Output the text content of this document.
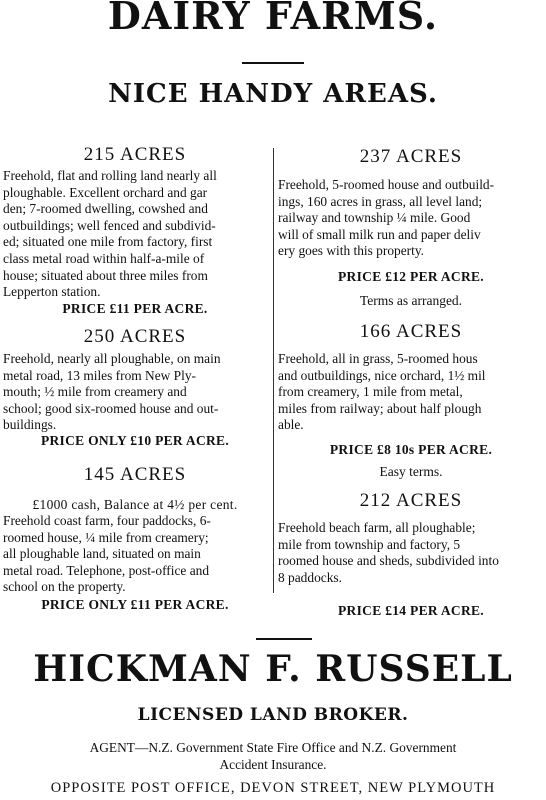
DAIRY FARMS.
NICE HANDY AREAS.
215 ACRES
Freehold, flat and rolling land nearly all
ploughable. Excellent orchard and gar
den; 7-roomed dwelling, cowshed and
outbuildings; well fenced and subdivid-
ed; situated one mile from factory, first
class metal road within half-a-mile of
house; situated about three miles from
Lepperton station.
PRICE £11 PER ACRE.
250 ACRES
Freehold, nearly all ploughable, on main
metal road, 13 miles from New Ply-
mouth; ½ mile from creamery and
school; good six-roomed house and out-
buildings.
PRICE ONLY £10 PER ACRE.
145 ACRES
£1000 cash, Balance at 4½ per cent.
Freehold coast farm, four paddocks, 6-
roomed house, ¼ mile from creamery;
all ploughable land, situated on main
metal road. Telephone, post-office and
school on the property.
PRICE ONLY £11 PER ACRE.
237 ACRES
Freehold, 5-roomed house and outbuild-
ings, 160 acres in grass, all level land;
railway and township ¼ mile. Good
will of small milk run and paper deliv
ery goes with this property.
PRICE £12 PER ACRE.
Terms as arranged.
166 ACRES
Freehold, all in grass, 5-roomed hous
and outbuildings, nice orchard, 1½ mil
from creamery, 1 mile from metal,
miles from railway; about half plough
able.
PRICE £8 10s PER ACRE.
Easy terms.
212 ACRES
Freehold beach farm, all ploughable;
mile from township and factory, 5
roomed house and sheds, subdivided into
8 paddocks.
PRICE £14 PER ACRE.
HICKMAN F. RUSSELL
LICENSED LAND BROKER.
AGENT—N.Z. Government State Fire Office and N.Z. Government
Accident Insurance.
OPPOSITE POST OFFICE, DEVON STREET, NEW PLYMOUTH
